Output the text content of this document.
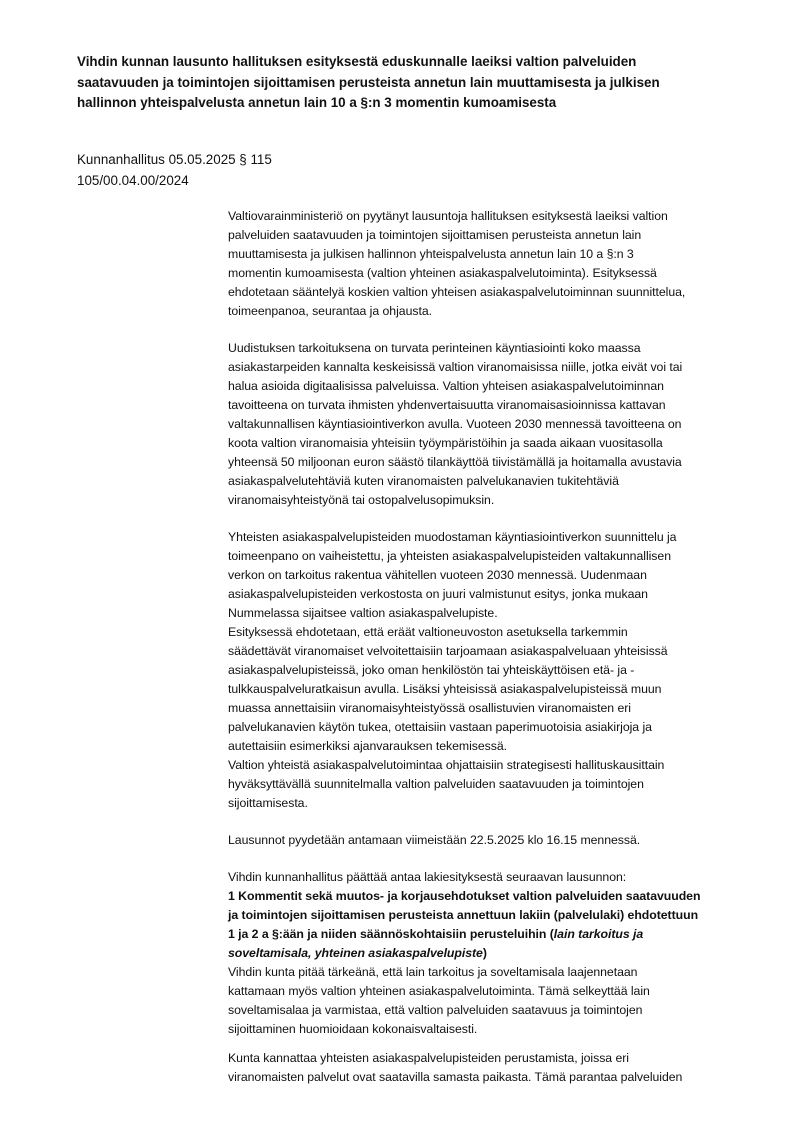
Vihdin kunnan lausunto hallituksen esityksestä eduskunnalle laeiksi valtion palveluiden
saatavuuden ja toimintojen sijoittamisen perusteista annetun lain muuttamisesta ja julkisen
hallinnon yhteispalvelusta annetun lain 10 a §:n 3 momentin kumoamisesta
Kunnanhallitus 05.05.2025 § 115
105/00.04.00/2024

Valtiovarainministeriö on pyytänyt lausuntoja hallituksen esityksestä laeiksi valtion

palveluiden saatavuuden ja toimintojen sijoittamisen perusteista annetun lain

muuttamisesta ja julkisen hallinnon yhteispalvelusta annetun lain 10 a §:n 3

momentin kumoamisesta (valtion yhteinen asiakaspalvelutoiminta). Esityksessä

ehdotetaan sääntelyä koskien valtion yhteisen asiakaspalvelutoiminnan suunnittelua,

toimeenpanoa, seurantaa ja ohjausta.

Uudistuksen tarkoituksena on turvata perinteinen käyntiasiointi koko maassa

asiakastarpeiden kannalta keskeisissä valtion viranomaisissa niille, jotka eivät voi tai

halua asioida digitaalisissa palveluissa. Valtion yhteisen asiakaspalvelutoiminnan

tavoitteena on turvata ihmisten yhdenvertaisuutta viranomaisasioinnissa kattavan

valtakunnallisen käyntiasiointiverkon avulla. Vuoteen 2030 mennessä tavoitteena on

koota valtion viranomaisia yhteisiin työympäristöihin ja saada aikaan vuositasolla

yhteensä 50 miljoonan euron säästö tilankäyttöä tiivistämällä ja hoitamalla avustavia

asiakaspalvelutehtäviä kuten viranomaisten palvelukanavien tukitehtäviä

viranomaisyhteistyönä tai ostopalvelusopimuksin.

Yhteisten asiakaspalvelupisteiden muodostaman käyntiasiointiverkon suunnittelu ja

toimeenpano on vaiheistettu, ja yhteisten asiakaspalvelupisteiden valtakunnallisen

verkon on tarkoitus rakentua vähitellen vuoteen 2030 mennessä. Uudenmaan

asiakaspalvelupisteiden verkostosta on juuri valmistunut esitys, jonka mukaan

Nummelassa sijaitsee valtion asiakaspalvelupiste.

Esityksessä ehdotetaan, että eräät valtioneuvoston asetuksella tarkemmin

säädettävät viranomaiset velvoitettaisiin tarjoamaan asiakaspalveluaan yhteisissä

asiakaspalvelupisteissä, joko oman henkilöstön tai yhteiskäyttöisen etä- ja -

tulkkauspalveluratkaisun avulla. Lisäksi yhteisissä asiakaspalvelupisteissä muun

muassa annettaisiin viranomaisyhteistyössä osallistuvien viranomaisten eri

palvelukanavien käytön tukea, otettaisiin vastaan paperimuotoisia asiakirjoja ja

autettaisiin esimerkiksi ajanvarauksen tekemisessä.

Valtion yhteistä asiakaspalvelutoimintaa ohjattaisiin strategisesti hallituskausittain

hyväksyttävällä suunnitelmalla valtion palveluiden saatavuuden ja toimintojen

sijoittamisesta.

Lausunnot pyydetään antamaan viimeistään 22.5.2025 klo 16.15 mennessä.

Vihdin kunnanhallitus päättää antaa lakiesityksestä seuraavan lausunnon:

1 Kommentit sekä muutos- ja korjausehdotukset valtion palveluiden saatavuuden

ja toimintojen sijoittamisen perusteista annettuun lakiin (palvelulaki) ehdotettuun

1 ja 2 a §:ään ja niiden säännöskohtaisiin perusteluihin (lain tarkoitus ja

soveltamisala, yhteinen asiakaspalvelupiste)

Vihdin kunta pitää tärkeänä, että lain tarkoitus ja soveltamisala laajennetaan

kattamaan myös valtion yhteinen asiakaspalvelutoiminta. Tämä selkeyttää lain

soveltamisalaa ja varmistaa, että valtion palveluiden saatavuus ja toimintojen

sijoittaminen huomioidaan kokonaisvaltaisesti.

Kunta kannattaa yhteisten asiakaspalvelupisteiden perustamista, joissa eri

viranomaisten palvelut ovat saatavilla samasta paikasta. Tämä parantaa palveluiden
